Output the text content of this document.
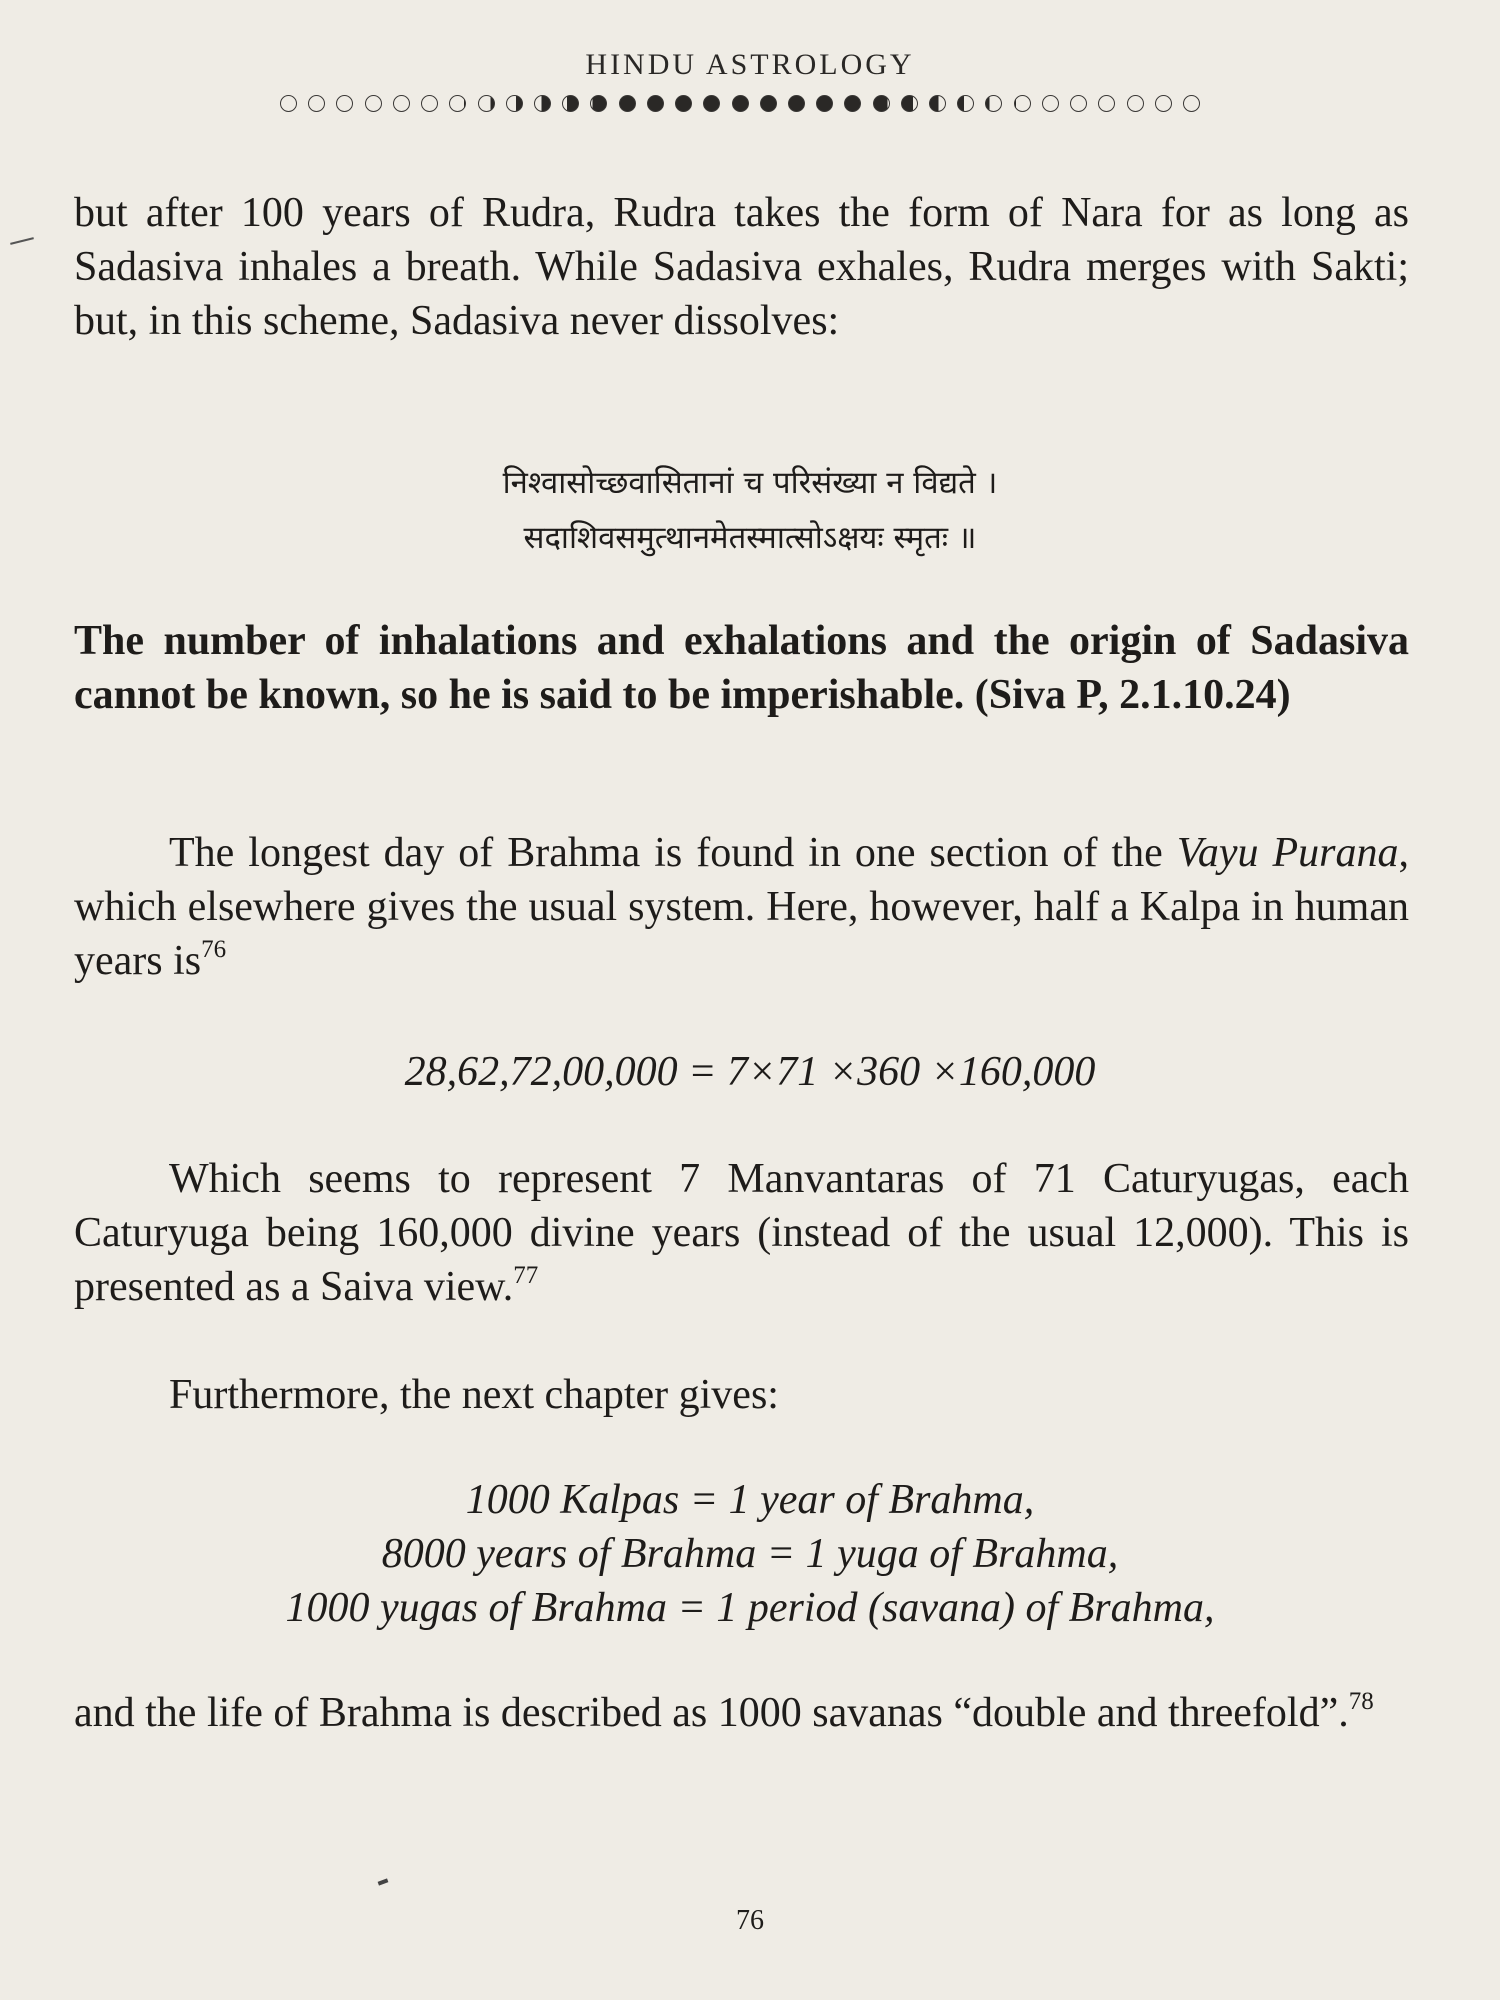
HINDU ASTROLOGY

but after 100 years of Rudra, Rudra takes the form of Nara for as long as Sadasiva inhales a breath. While Sadasiva exhales, Rudra merges with Sakti; but, in this scheme, Sadasiva never dissolves:

निश्वासोच्छवासितानां च परिसंख्या न विद्यते ।
सदाशिवसमुत्थानमेतस्मात्सोऽक्षयः स्मृतः ॥

The number of inhalations and exhalations and the origin of Sadasiva cannot be known, so he is said to be imperishable. (Siva P, 2.1.10.24)

The longest day of Brahma is found in one section of the Vayu Purana, which elsewhere gives the usual system. Here, however, half a Kalpa in human years $is^{76}$

28,62,72,00,000 = 7×71 ×360 ×160,000

Which seems to represent 7 Manvantaras of 71 Caturyugas, each Caturyuga being 160,000 divine years (instead of the usual 12,000). This is presented as a Saiva view.$^{77}$

Furthermore, the next chapter gives:

1000 Kalpas = 1 year of Brahma,
8000 years of Brahma = 1 yuga of Brahma,
1000 yugas of Brahma = 1 period (savana) of Brahma,

and the life of Brahma is described as 1000 savanas “double and threefold”.$^{78}$

76
